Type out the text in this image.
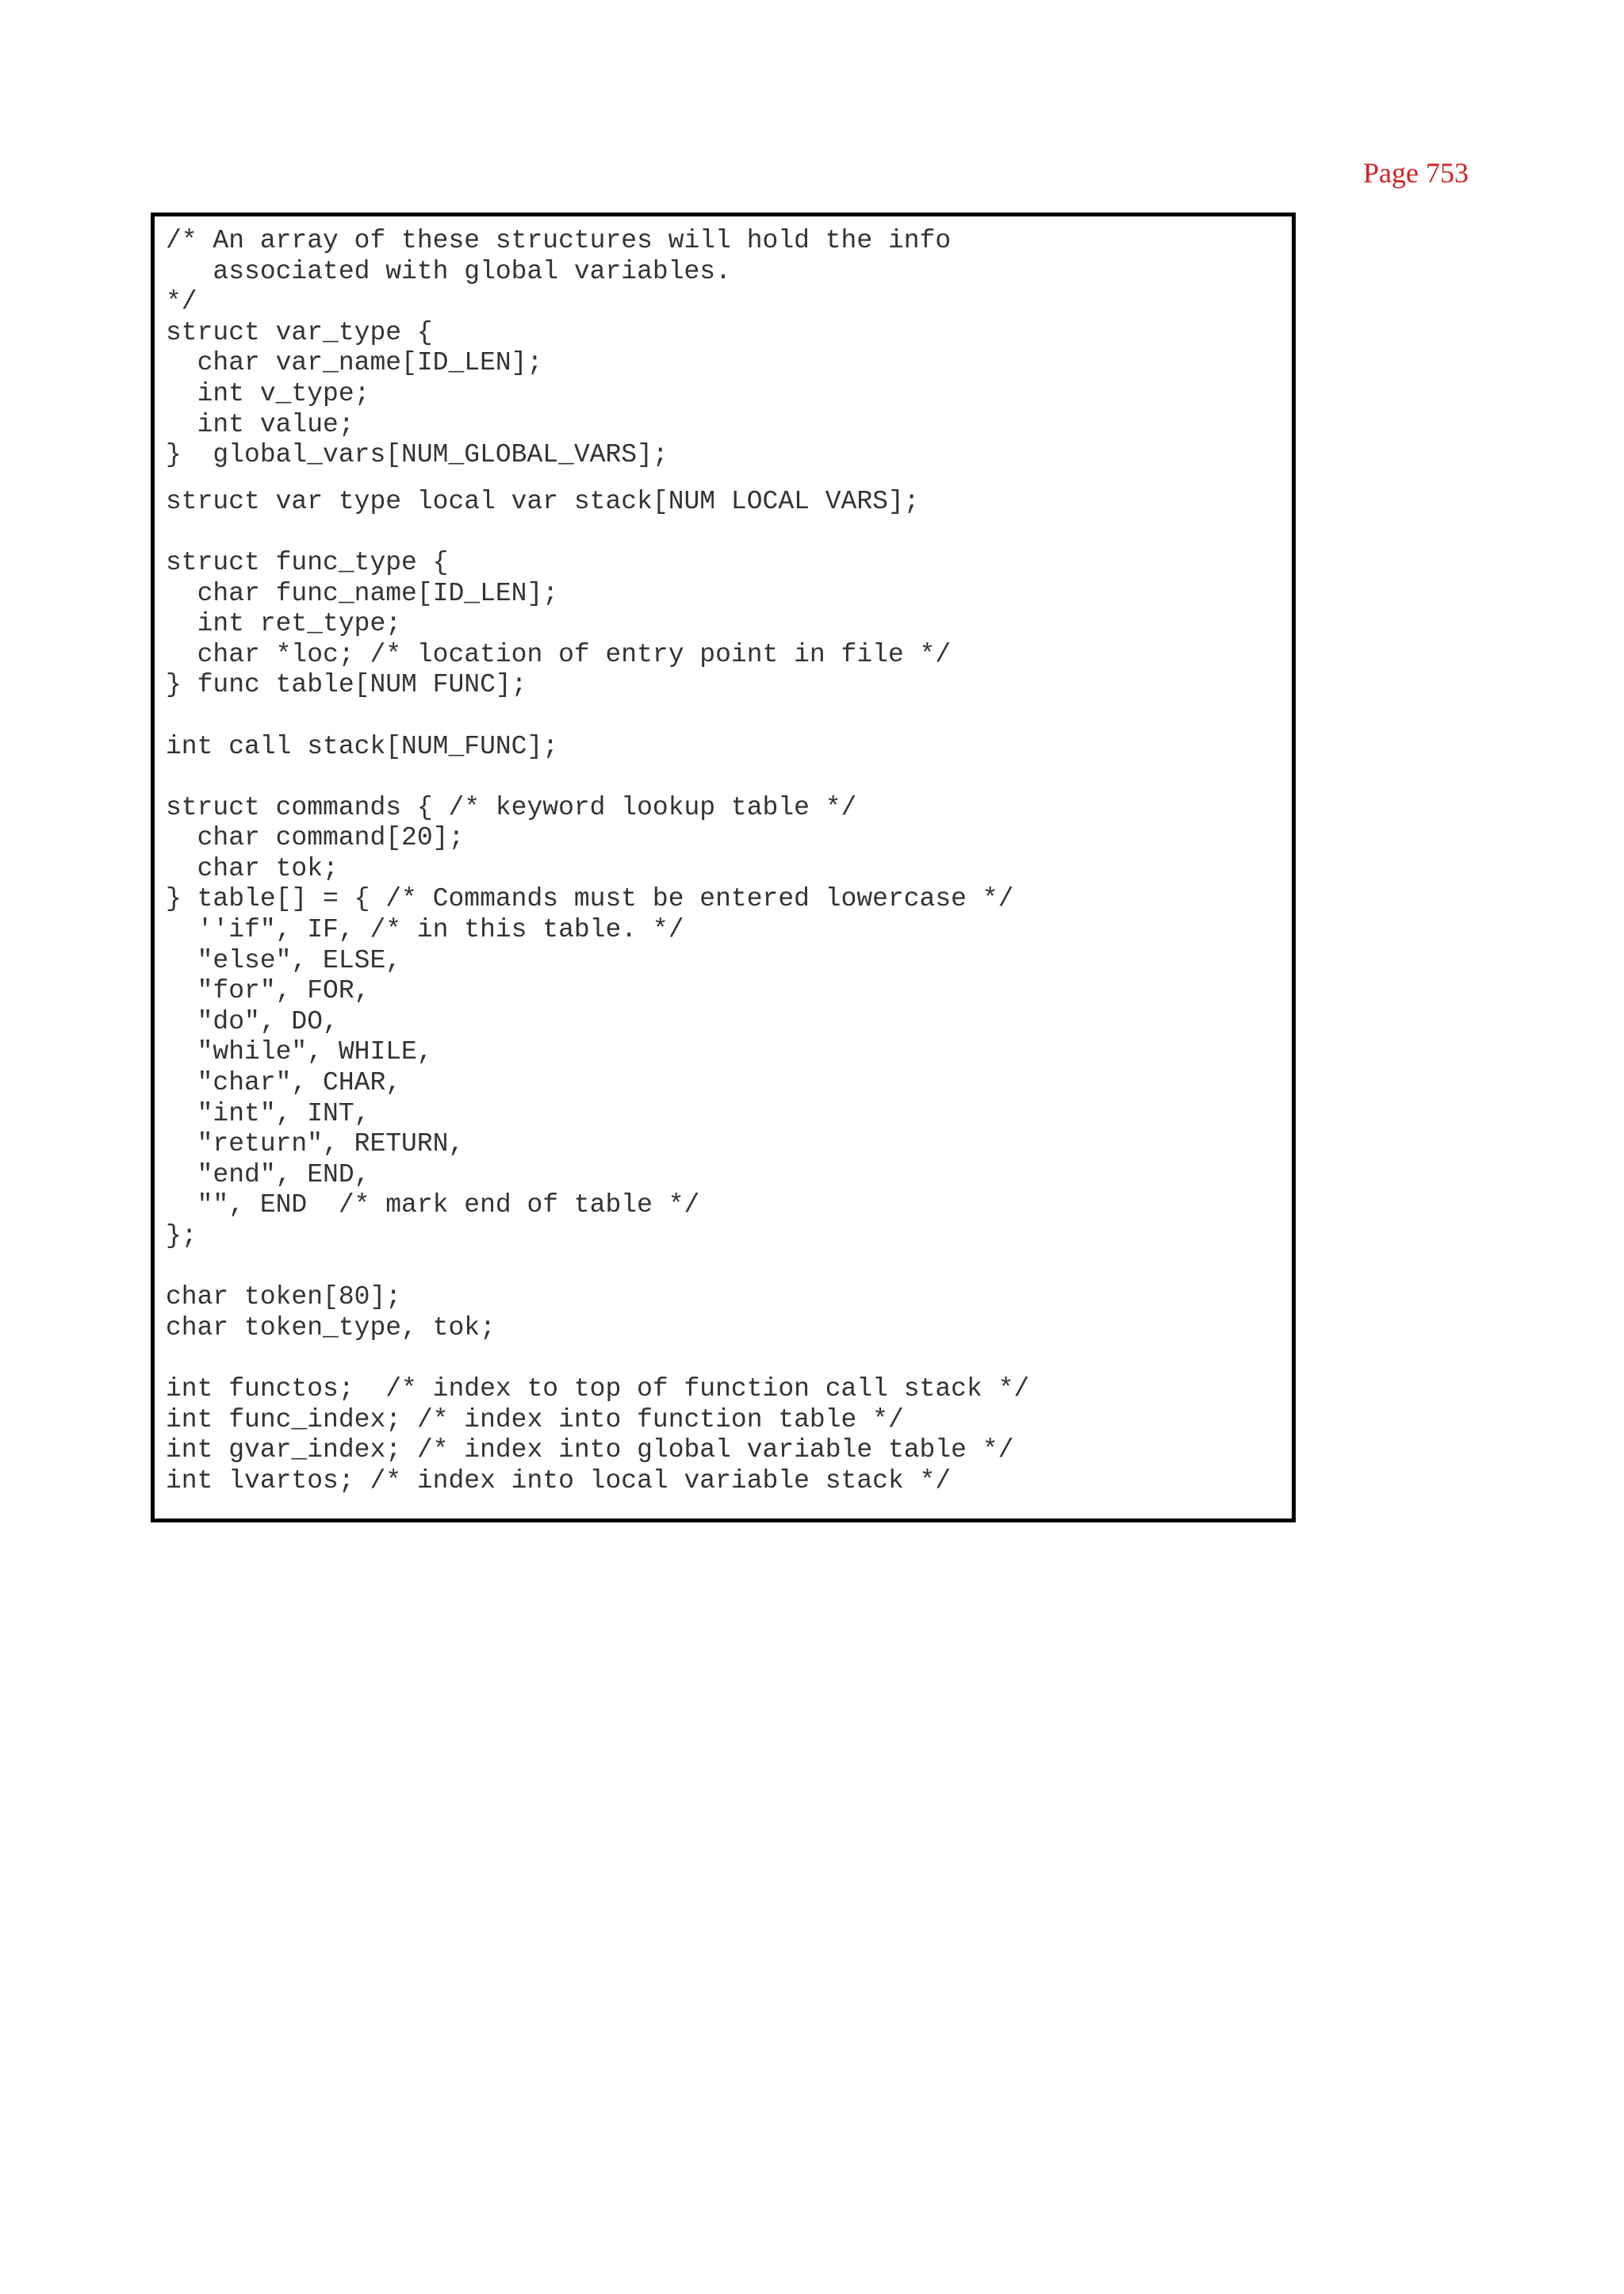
Page 753
/* An array of these structures will hold the info
associated with global variables.
*/
struct var_type {
char var_name[ID_LEN];
int v_type;
int value;
}  global_vars[NUM_GLOBAL_VARS];
struct var type local var stack[NUM LOCAL VARS];
struct func_type {
char func_name[ID_LEN];
int ret_type;
char *loc; /* location of entry point in file */
} func table[NUM FUNC];
int call stack[NUM_FUNC];
struct commands { /* keyword lookup table */
char command[20];
char tok;
} table[] = { /* Commands must be entered lowercase */
''if", IF, /* in this table. */
"else", ELSE,
"for", FOR,
"do", DO,
"while", WHILE,
"char", CHAR,
"int", INT,
"return", RETURN,
"end", END,
"", END  /* mark end of table */
};
char token[80];
char token_type, tok;
int functos;  /* index to top of function call stack */
int func_index; /* index into function table */
int gvar_index; /* index into global variable table */
int lvartos; /* index into local variable stack */
